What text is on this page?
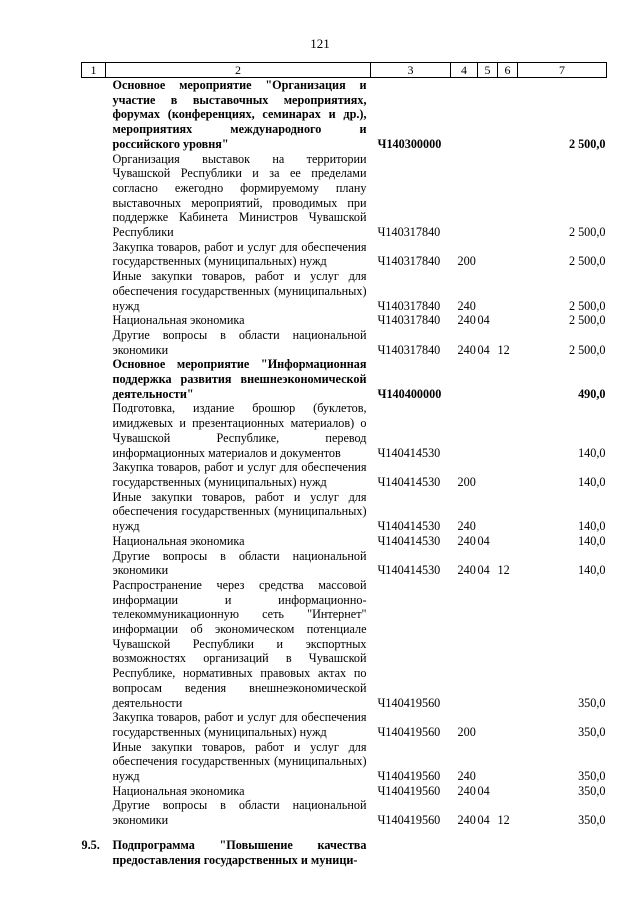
121
1	2	3	4	5	6	7
	Основное мероприятие "Организация и участие в выставочных мероприятиях, форумах (конференциях, семинарах и др.), мероприятиях международного и российского уровня"	Ч140300000				2 500,0
	Организация выставок на территории Чувашской Республики и за ее пределами согласно ежегодно формируемому плану выставочных мероприятий, проводимых при поддержке Кабинета Министров Чувашской Республики	Ч140317840				2 500,0
	Закупка товаров, работ и услуг для обеспечения государственных (муниципальных) нужд	Ч140317840	200			2 500,0
	Иные закупки товаров, работ и услуг для обеспечения государственных (муниципальных) нужд	Ч140317840	240			2 500,0
	Национальная экономика	Ч140317840	240	04		2 500,0
	Другие вопросы в области национальной экономики	Ч140317840	240	04	12	2 500,0
	Основное мероприятие "Информационная поддержка развития внешнеэкономической деятельности"	Ч140400000				490,0
	Подготовка, издание брошюр (буклетов, имиджевых и презентационных материалов) о Чувашской Республике, перевод информационных материалов и документов	Ч140414530				140,0
	Закупка товаров, работ и услуг для обеспечения государственных (муниципальных) нужд	Ч140414530	200			140,0
	Иные закупки товаров, работ и услуг для обеспечения государственных (муниципальных) нужд	Ч140414530	240			140,0
	Национальная экономика	Ч140414530	240	04		140,0
	Другие вопросы в области национальной экономики	Ч140414530	240	04	12	140,0
	Распространение через средства массовой информации и информационно-телекоммуникационную сеть "Интернет" информации об экономическом потенциале Чувашской Республики и экспортных возможностях организаций в Чувашской Республике, нормативных правовых актах по вопросам ведения внешнеэкономической деятельности	Ч140419560				350,0
	Закупка товаров, работ и услуг для обеспечения государственных (муниципальных) нужд	Ч140419560	200			350,0
	Иные закупки товаров, работ и услуг для обеспечения государственных (муниципальных) нужд	Ч140419560	240			350,0
	Национальная экономика	Ч140419560	240	04		350,0
	Другие вопросы в области национальной экономики	Ч140419560	240	04	12	350,0

9.5.	Подпрограмма "Повышение качества предоставления государственных и муници-					
